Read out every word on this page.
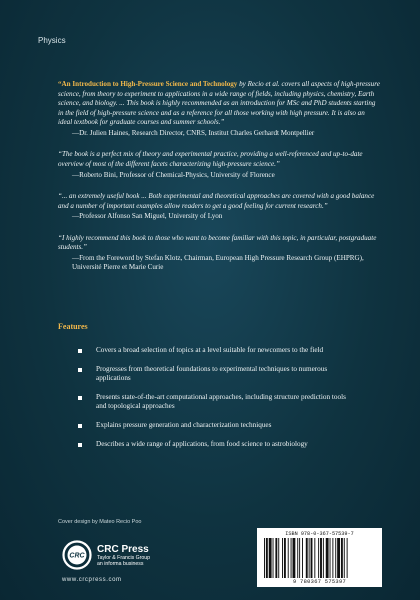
Physics

“An Introduction to High-Pressure Science and Technology by Recio et al. covers all aspects of high-pressure science, from theory to experiment to applications in a wide range of fields, including physics, chemistry, Earth science, and biology. ... This book is highly recommended as an introduction for MSc and PhD students starting in the field of high-pressure science and as a reference for all those working with high pressure. It is also an ideal textbook for graduate courses and summer schools.”

—Dr. Julien Haines, Research Director, CNRS, Institut Charles Gerhardt Montpellier

“The book is a perfect mix of theory and experimental practice, providing a well-referenced and up-to-date overview of most of the different facets characterizing high-pressure science.”

—Roberto Bini, Professor of Chemical-Physics, University of Florence

“... an extremely useful book ... Both experimental and theoretical approaches are covered with a good balance and a number of important examples allow readers to get a good feeling for current research.”

—Professor Alfonso San Miguel, University of Lyon

“I highly recommend this book to those who want to become familiar with this topic, in particular, postgraduate students.”

—From the Foreword by Stefan Klotz, Chairman, European High Pressure Research Group (EHPRG), Université Pierre et Marie Curie

Features
Covers a broad selection of topics at a level suitable for newcomers to the field
Progresses from theoretical foundations to experimental techniques to numerous applications
Presents state-of-the-art computational approaches, including structure prediction tools and topological approaches
Explains pressure generation and characterization techniques
Describes a wide range of applications, from food science to astrobiology
Cover design by Mateo Recio Poo
CRC
CRC Press
Taylor & Francis Group
an informa business
www.crcpress.com
ISBN 978-0-367-57539-7
9 780367 575397
